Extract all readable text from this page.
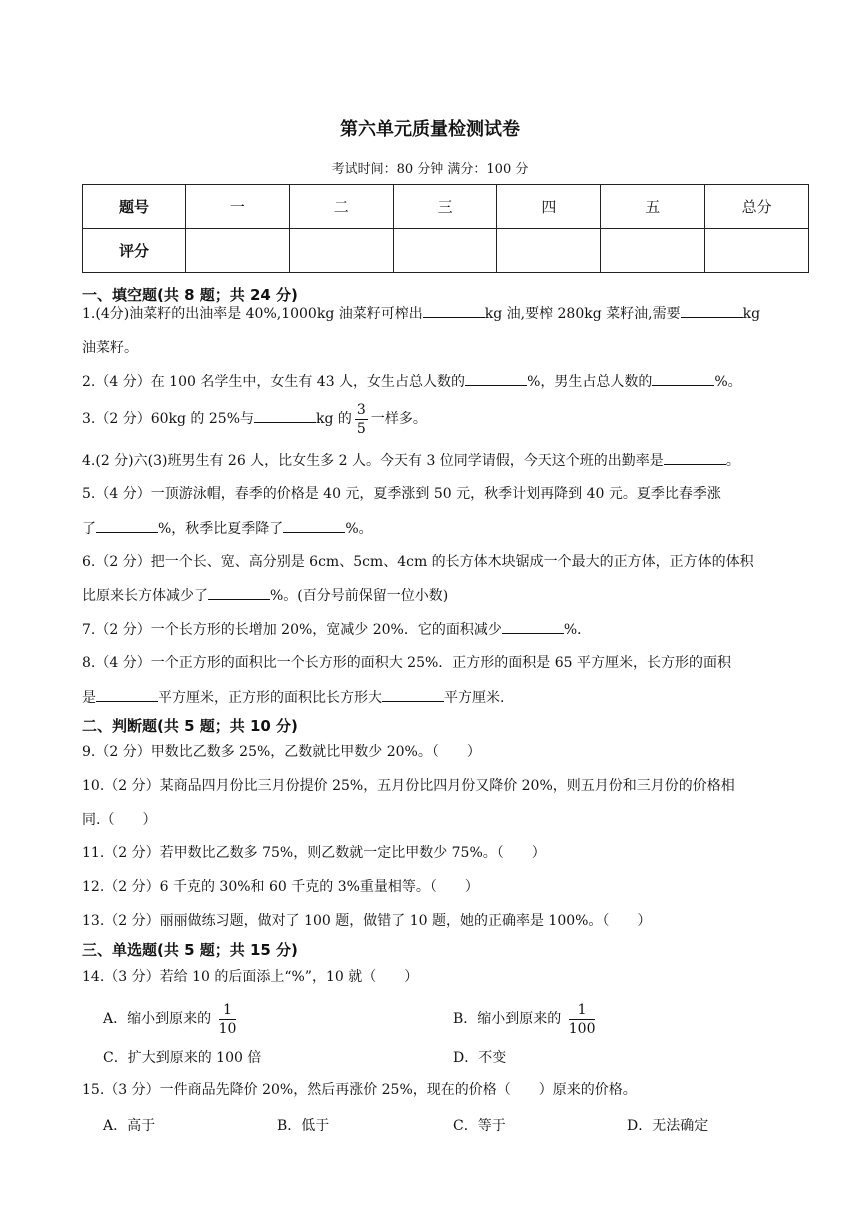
第六单元质量检测试卷
考试时间：80 分钟 满分：100 分
题号	一	二	三	四	五	总分
评分						
一、填空题(共 8 题；共 24 分)
1.(4分)油菜籽的出油率是 40%,1000kg 油菜籽可榨出	kg 油,要榨 280kg 菜籽油,需要	kg
油菜籽。
2.（4 分）在 100 名学生中，女生有 43 人，女生占总人数的	%，男生占总人数的	%。
3.（2 分）60kg 的 25%与	kg 的 $\frac{3}{5}$ 一样多。
4.(2 分)六(3)班男生有 26 人，比女生多 2 人。今天有 3 位同学请假，今天这个班的出勤率是	。
5.（4 分）一顶游泳帽，春季的价格是 40 元，夏季涨到 50 元，秋季计划再降到 40 元。夏季比春季涨
了	%，秋季比夏季降了	%。
6.（2 分）把一个长、宽、高分别是 6cm、5cm、4cm 的长方体木块锯成一个最大的正方体，正方体的体积
比原来长方体减少了	%。(百分号前保留一位小数)
7.（2 分）一个长方形的长增加 20%，宽减少 20%．它的面积减少	%．
8.（4 分）一个正方形的面积比一个长方形的面积大 25%．正方形的面积是 65 平方厘米，长方形的面积
是	平方厘米，正方形的面积比长方形大	平方厘米.
二、判断题(共 5 题；共 10 分)
9.（2 分）甲数比乙数多 25%，乙数就比甲数少 20%。（　　）
10.（2 分）某商品四月份比三月份提价 25%，五月份比四月份又降价 20%，则五月份和三月份的价格相
同.（　　）
11.（2 分）若甲数比乙数多 75%，则乙数就一定比甲数少 75%。（　　）
12.（2 分）6 千克的 30%和 60 千克的 3%重量相等。（　　）
13.（2 分）丽丽做练习题，做对了 100 题，做错了 10 题，她的正确率是 100%。（　　）
三、单选题(共 5 题；共 15 分)
14.（3 分）若给 10 的后面添上“%”，10 就（　　）
A．缩小到原来的 $\frac{1}{10}$	B．缩小到原来的 $\frac{1}{100}$
C．扩大到原来的 100 倍	D．不变
15.（3 分）一件商品先降价 20%，然后再涨价 25%，现在的价格（　　）原来的价格。
A．高于	B．低于	C．等于	D．无法确定
